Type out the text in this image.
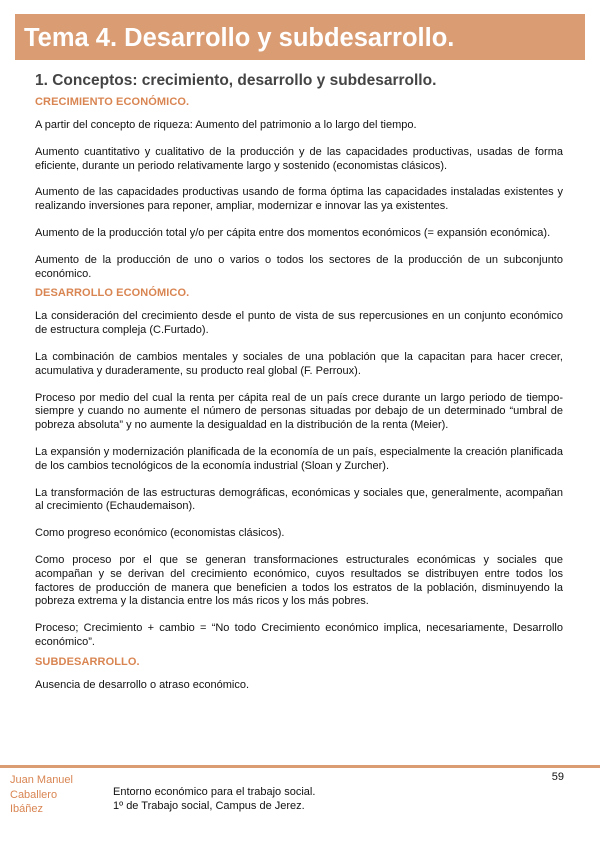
Tema 4. Desarrollo y subdesarrollo.
1. Conceptos: crecimiento, desarrollo y subdesarrollo.
CRECIMIENTO ECONÓMICO.

A partir del concepto de riqueza: Aumento del patrimonio a lo largo del tiempo.

Aumento cuantitativo y cualitativo de la producción y de las capacidades productivas, usadas de forma eficiente, durante un periodo relativamente largo y sostenido (economistas clásicos).

Aumento de las capacidades productivas usando de forma óptima las capacidades instaladas existentes y realizando inversiones para reponer, ampliar, modernizar e innovar las ya existentes.

Aumento de la producción total y/o per cápita entre dos momentos económicos (= expansión económica).

Aumento de la producción de uno o varios o todos los sectores de la producción de un subconjunto económico.

DESARROLLO ECONÓMICO.

La consideración del crecimiento desde el punto de vista de sus repercusiones en un conjunto económico de estructura compleja (C.Furtado).

La combinación de cambios mentales y sociales de una población que la capacitan para hacer crecer, acumulativa y duraderamente, su producto real global (F. Perroux).

Proceso por medio del cual la renta per cápita real de un país crece durante un largo periodo de tiempo-siempre y cuando no aumente el número de personas situadas por debajo de un determinado “umbral de pobreza absoluta” y no aumente la desigualdad en la distribución de la renta (Meier).

La expansión y modernización planificada de la economía de un país, especialmente la creación planificada de los cambios tecnológicos de la economía industrial (Sloan y Zurcher).

La transformación de las estructuras demográficas, económicas y sociales que, generalmente, acompañan al crecimiento (Echaudemaison).

Como progreso económico (economistas clásicos).

Como proceso por el que se generan transformaciones estructurales económicas y sociales que acompañan y se derivan del crecimiento económico, cuyos resultados se distribuyen entre todos los factores de producción de manera que beneficien a todos los estratos de la población, disminuyendo la pobreza extrema y la distancia entre los más ricos y los más pobres.

Proceso; Crecimiento + cambio = “No todo Crecimiento económico implica, necesariamente, Desarrollo económico”.

SUBDESARROLLO.

Ausencia de desarrollo o atraso económico.

Juan Manuel
Caballero
Ibáñez
Entorno económico para el trabajo social.
1º de Trabajo social, Campus de Jerez.
59
